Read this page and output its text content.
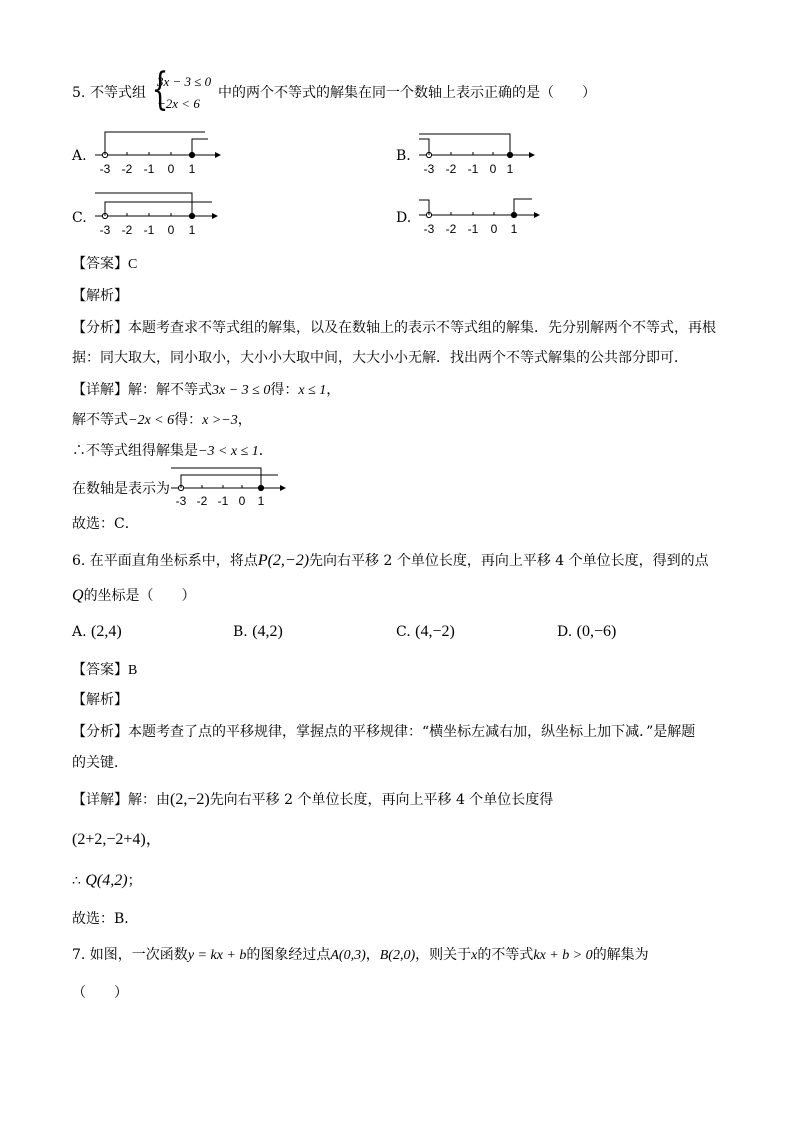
5. 不等式组 {
3x − 3 ≤ 0
−2x < 6
中的两个不等式的解集在同一个数轴上表示正确的是（　　）
A.
-3 -2 -1 0 1
B.
-3 -2 -1 0 1
C.
-3 -2 -1 0 1
D.
-3 -2 -1 0 1
【答案】C
【解析】
【分析】本题考查求不等式组的解集，以及在数轴上的表示不等式组的解集．先分别解两个不等式，再根
据：同大取大，同小取小，大小小大取中间，大大小小无解．找出两个不等式解集的公共部分即可．
【详解】解：解不等式3x − 3 ≤ 0得：x ≤ 1，
解不等式−2x < 6得：x >−3，
∴不等式组得解集是−3 < x ≤ 1．
在数轴是表示为
-3 -2 -1 0 1
故选：C．
6. 在平面直角坐标系中，将点P(2,−2)先向右平移 2 个单位长度，再向上平移 4 个单位长度，得到的点
Q的坐标是（　　）
A. (2,4)	B. (4,2)	C. (4,−2)	D. (0,−6)
【答案】B
【解析】
【分析】本题考查了点的平移规律，掌握点的平移规律：“横坐标左减右加，纵坐标上加下减．”是解题
的关键．
【详解】解：由(2,−2)先向右平移 2 个单位长度，再向上平移 4 个单位长度得
(2+2,−2+4)，
∴ Q(4,2)；
故选：B．
7. 如图，一次函数y = kx + b的图象经过点A(0,3)，B(2,0)，则关于x的不等式kx + b > 0的解集为
（　　）
